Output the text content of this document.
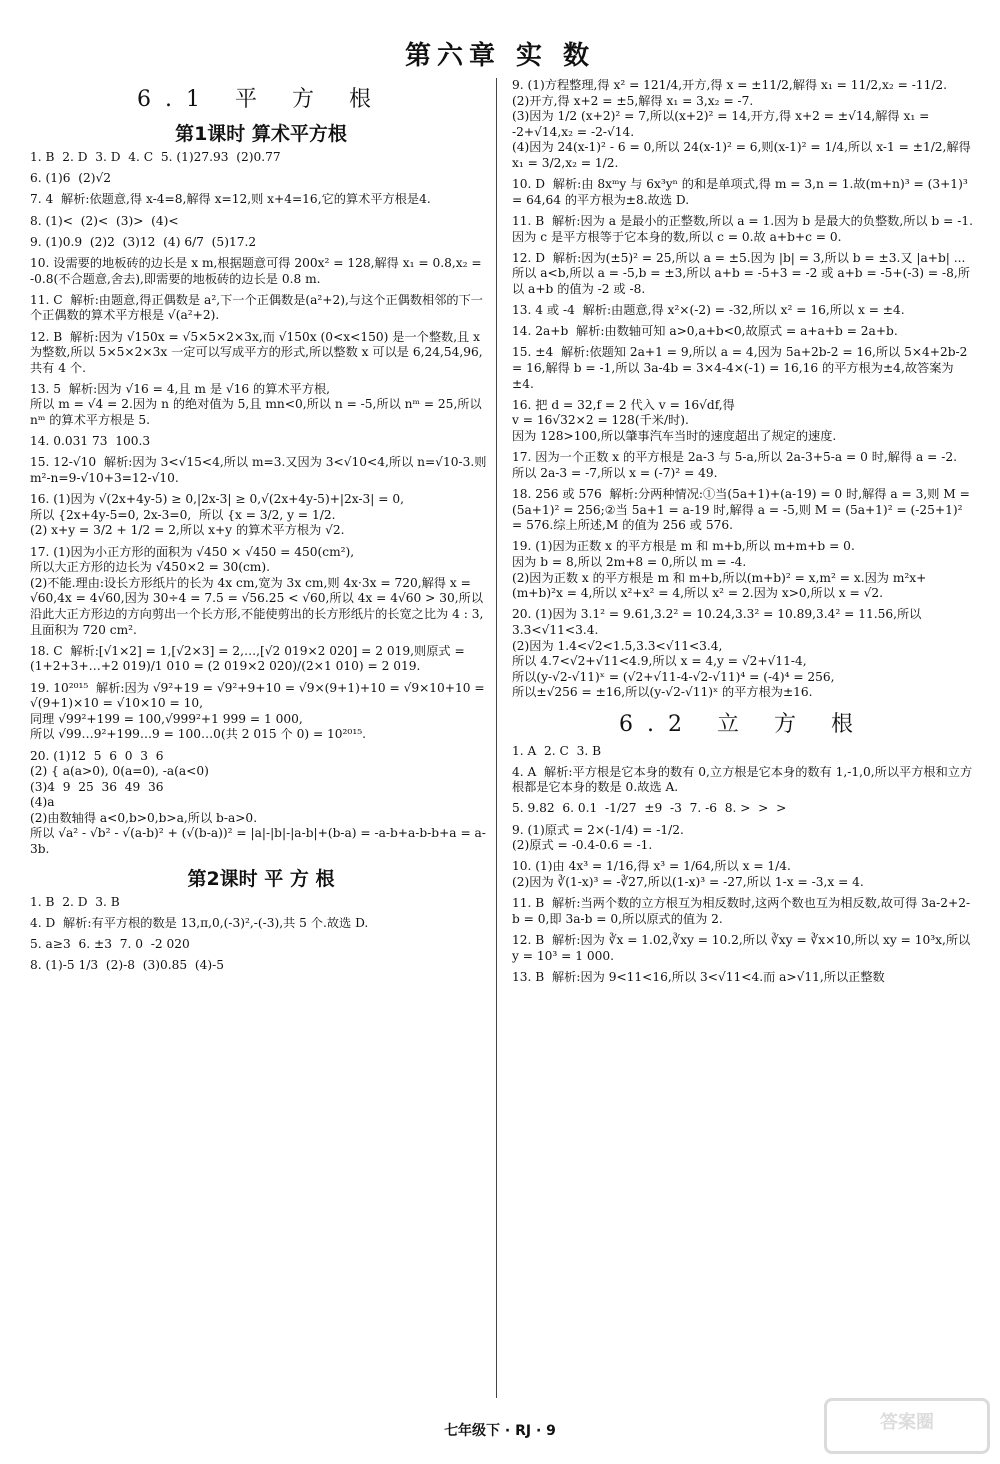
第六章 实 数
6.1 平 方 根
第1课时 算术平方根
1. B  2. D  3. D  4. C  5. (1)27.93  (2)0.77
6. (1)6  (2)√2
7. 4  解析:依题意,得 x-4=8,解得 x=12,则 x+4=16,它的算术平方根是4.
8. (1)<  (2)<  (3)>  (4)<
9. (1)0.9  (2)2  (3)12  (4) 6/7  (5)17.2
10. 设需要的地板砖的边长是 x m,根据题意可得 200x² = 128,解得 x₁ = 0.8,x₂ = -0.8(不合题意,舍去),即需要的地板砖的边长是 0.8 m.
11. C  解析:由题意,得正偶数是 a²,下一个正偶数是(a²+2),与这个正偶数相邻的下一个正偶数的算术平方根是 √(a²+2).
12. B  解析:因为 √150x = √5×5×2×3x,而 √150x (0<x<150) 是一个整数,且 x 为整数,所以 5×5×2×3x 一定可以写成平方的形式,所以整数 x 可以是 6,24,54,96,共有 4 个.
13. 5  解析:因为 √16 = 4,且 m 是 √16 的算术平方根,
所以 m = √4 = 2.因为 n 的绝对值为 5,且 mn<0,所以 n = -5,所以 nᵐ = 25,所以 nᵐ 的算术平方根是 5.
14. 0.031 73  100.3
15. 12-√10  解析:因为 3<√15<4,所以 m=3.又因为 3<√10<4,所以 n=√10-3.则 m²-n=9-√10+3=12-√10.
16. (1)因为 √(2x+4y-5) ≥ 0,|2x-3| ≥ 0,√(2x+4y-5)+|2x-3| = 0,
所以 {2x+4y-5=0, 2x-3=0,  所以 {x = 3/2, y = 1/2.
(2) x+y = 3/2 + 1/2 = 2,所以 x+y 的算术平方根为 √2.
17. (1)因为小正方形的面积为 √450 × √450 = 450(cm²),
所以大正方形的边长为 √450×2 = 30(cm).
(2)不能.理由:设长方形纸片的长为 4x cm,宽为 3x cm,则 4x·3x = 720,解得 x = √60,4x = 4√60,因为 30÷4 = 7.5 = √56.25 < √60,所以 4x = 4√60 > 30,所以沿此大正方形边的方向剪出一个长方形,不能使剪出的长方形纸片的长宽之比为 4 : 3,且面积为 720 cm².
18. C  解析:[√1×2] = 1,[√2×3] = 2,…,[√2 019×2 020] = 2 019,则原式 = (1+2+3+…+2 019)/1 010 = (2 019×2 020)/(2×1 010) = 2 019.
19. 10²⁰¹⁵  解析:因为 √9²+19 = √9²+9+10 = √9×(9+1)+10 = √9×10+10 = √(9+1)×10 = √10×10 = 10,
同理 √99²+199 = 100,√999²+1 999 = 1 000,
所以 √99…9²+199…9 = 100…0(共 2 015 个 0) = 10²⁰¹⁵.
20. (1)12  5  6  0  3  6
(2) { a(a>0), 0(a=0), -a(a<0)
(3)4  9  25  36  49  36
(4)a
(2)由数轴得 a<0,b>0,b>a,所以 b-a>0.
所以 √a² - √b² - √(a-b)² + (√(b-a))² = |a|-|b|-|a-b|+(b-a) = -a-b+a-b-b+a = a-3b.
第2课时 平 方 根
1. B  2. D  3. B
4. D  解析:有平方根的数是 13,π,0,(-3)²,-(-3),共 5 个.故选 D.
5. a≥3  6. ±3  7. 0  -2 020
8. (1)-5 1/3  (2)-8  (3)0.85  (4)-5
9. (1)方程整理,得 x² = 121/4,开方,得 x = ±11/2,解得 x₁ = 11/2,x₂ = -11/2.
(2)开方,得 x+2 = ±5,解得 x₁ = 3,x₂ = -7.
(3)因为 1/2 (x+2)² = 7,所以(x+2)² = 14,开方,得 x+2 = ±√14,解得 x₁ = -2+√14,x₂ = -2-√14.
(4)因为 24(x-1)² - 6 = 0,所以 24(x-1)² = 6,则(x-1)² = 1/4,所以 x-1 = ±1/2,解得 x₁ = 3/2,x₂ = 1/2.
10. D  解析:由 8xᵐy 与 6x³yⁿ 的和是单项式,得 m = 3,n = 1.故(m+n)³ = (3+1)³ = 64,64 的平方根为±8.故选 D.
11. B  解析:因为 a 是最小的正整数,所以 a = 1.因为 b 是最大的负整数,所以 b = -1.因为 c 是平方根等于它本身的数,所以 c = 0.故 a+b+c = 0.
12. D  解析:因为(±5)² = 25,所以 a = ±5.因为 |b| = 3,所以 b = ±3.又 |a+b| ... 所以 a<b,所以 a = -5,b = ±3,所以 a+b = -5+3 = -2 或 a+b = -5+(-3) = -8,所以 a+b 的值为 -2 或 -8.
13. 4 或 -4  解析:由题意,得 x²×(-2) = -32,所以 x² = 16,所以 x = ±4.
14. 2a+b  解析:由数轴可知 a>0,a+b<0,故原式 = a+a+b = 2a+b.
15. ±4  解析:依题知 2a+1 = 9,所以 a = 4,因为 5a+2b-2 = 16,所以 5×4+2b-2 = 16,解得 b = -1,所以 3a-4b = 3×4-4×(-1) = 16,16 的平方根为±4,故答案为±4.
16. 把 d = 32,f = 2 代入 v = 16√df,得
v = 16√32×2 = 128(千米/时).
因为 128>100,所以肇事汽车当时的速度超出了规定的速度.
17. 因为一个正数 x 的平方根是 2a-3 与 5-a,所以 2a-3+5-a = 0 时,解得 a = -2.
所以 2a-3 = -7,所以 x = (-7)² = 49.
18. 256 或 576  解析:分两种情况:①当(5a+1)+(a-19) = 0 时,解得 a = 3,则 M = (5a+1)² = 256;②当 5a+1 = a-19 时,解得 a = -5,则 M = (5a+1)² = (-25+1)² = 576.综上所述,M 的值为 256 或 576.
19. (1)因为正数 x 的平方根是 m 和 m+b,所以 m+m+b = 0.
因为 b = 8,所以 2m+8 = 0,所以 m = -4.
(2)因为正数 x 的平方根是 m 和 m+b,所以(m+b)² = x,m² = x.因为 m²x+(m+b)²x = 4,所以 x²+x² = 4,所以 x² = 2.因为 x>0,所以 x = √2.
20. (1)因为 3.1² = 9.61,3.2² = 10.24,3.3² = 10.89,3.4² = 11.56,所以 3.3<√11<3.4.
(2)因为 1.4<√2<1.5,3.3<√11<3.4,
所以 4.7<√2+√11<4.9,所以 x = 4,y = √2+√11-4,
所以(y-√2-√11)ˣ = (√2+√11-4-√2-√11)⁴ = (-4)⁴ = 256,
所以±√256 = ±16,所以(y-√2-√11)ˣ 的平方根为±16.
6.2 立 方 根
1. A  2. C  3. B
4. A  解析:平方根是它本身的数有 0,立方根是它本身的数有 1,-1,0,所以平方根和立方根都是它本身的数是 0.故选 A.
5. 9.82  6. 0.1  -1/27  ±9  -3  7. -6  8. >  >  >
9. (1)原式 = 2×(-1/4) = -1/2.
(2)原式 = -0.4-0.6 = -1.
10. (1)由 4x³ = 1/16,得 x³ = 1/64,所以 x = 1/4.
(2)因为 ∛(1-x)³ = -∛27,所以(1-x)³ = -27,所以 1-x = -3,x = 4.
11. B  解析:当两个数的立方根互为相反数时,这两个数也互为相反数,故可得 3a-2+2-b = 0,即 3a-b = 0,所以原式的值为 2.
12. B  解析:因为 ∛x = 1.02,∛xy = 10.2,所以 ∛xy = ∛x×10,所以 xy = 10³x,所以 y = 10³ = 1 000.
13. B  解析:因为 9<11<16,所以 3<√11<4.而 a>√11,所以正整数
七年级下 · RJ · 9	答案圈
